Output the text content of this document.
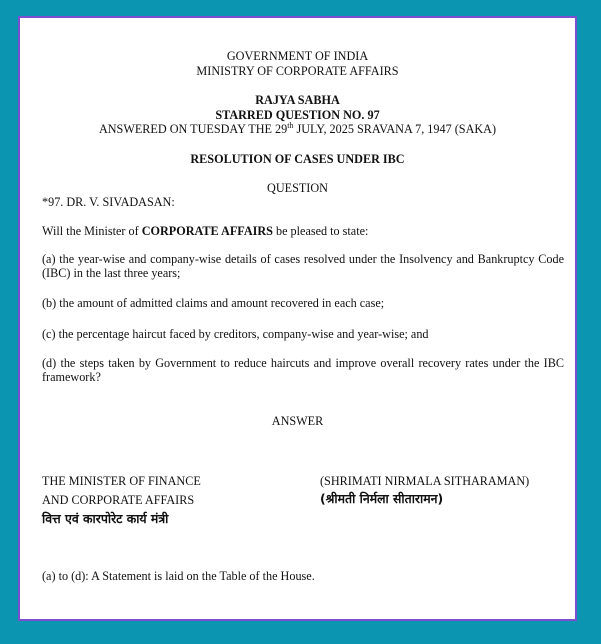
GOVERNMENT OF INDIA
MINISTRY OF CORPORATE AFFAIRS
RAJYA SABHA
STARRED QUESTION NO. 97
ANSWERED ON TUESDAY THE 29th JULY, 2025 SRAVANA 7, 1947 (SAKA)
RESOLUTION OF CASES UNDER IBC
QUESTION
*97. DR. V. SIVADASAN:
Will the Minister of CORPORATE AFFAIRS be pleased to state:
(a) the year-wise and company-wise details of cases resolved under the Insolvency and Bankruptcy Code (IBC) in the last three years;
(b) the amount of admitted claims and amount recovered in each case;
(c) the percentage haircut faced by creditors, company-wise and year-wise; and
(d) the steps taken by Government to reduce haircuts and improve overall recovery rates under the IBC framework?
ANSWER
THE MINISTER OF FINANCE
AND CORPORATE AFFAIRS
वित्त एवं कारपोरेट कार्य मंत्री
(SHRIMATI NIRMALA SITHARAMAN)
(श्रीमती निर्मला सीतारामन)
(a) to (d): A Statement is laid on the Table of the House.
